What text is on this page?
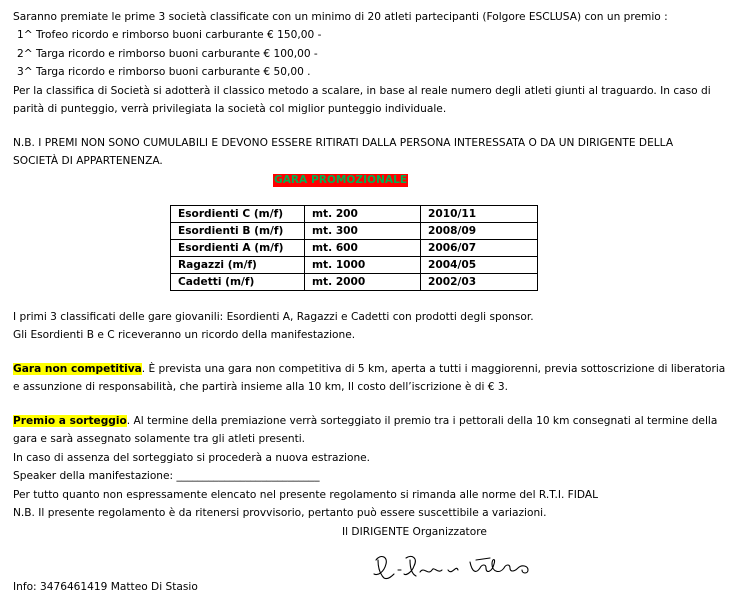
Saranno premiate le prime 3 società classificate con un minimo di 20 atleti partecipanti (Folgore ESCLUSA) con un premio :
1^ Trofeo ricordo e rimborso buoni carburante € 150,00 -
2^ Targa ricordo e rimborso buoni carburante € 100,00 -
3^ Targa ricordo e rimborso buoni carburante € 50,00 .
Per la classifica di Società si adotterà il classico metodo a scalare, in base al reale numero degli atleti giunti al traguardo. In caso di
parità di punteggio, verrà privilegiata la società col miglior punteggio individuale.
N.B. I PREMI NON SONO CUMULABILI E DEVONO ESSERE RITIRATI DALLA PERSONA INTERESSATA O DA UN DIRIGENTE DELLA
SOCIETÀ DI APPARTENENZA.
GARA PROMOZIONALE
Esordienti C (m/f)	mt. 200	2010/11
Esordienti B (m/f)	mt. 300	2008/09
Esordienti A (m/f)	mt. 600	2006/07
Ragazzi (m/f)	mt. 1000	2004/05
Cadetti (m/f)	mt. 2000	2002/03
I primi 3 classificati delle gare giovanili: Esordienti A, Ragazzi e Cadetti con prodotti degli sponsor.
Gli Esordienti B e C riceveranno un ricordo della manifestazione.
Gara non competitiva. È prevista una gara non competitiva di 5 km, aperta a tutti i maggiorenni, previa sottoscrizione di liberatoria
e assunzione di responsabilità, che partirà insieme alla 10 km, Il costo dell’iscrizione è di € 3.
Premio a sorteggio. Al termine della premiazione verrà sorteggiato il premio tra i pettorali della 10 km consegnati al termine della
gara e sarà assegnato solamente tra gli atleti presenti.
In caso di assenza del sorteggiato si procederà a nuova estrazione.
Speaker della manifestazione: ___________________________
Per tutto quanto non espressamente elencato nel presente regolamento si rimanda alle norme del R.T.I. FIDAL
N.B. Il presente regolamento è da ritenersi provvisorio, pertanto può essere suscettibile a variazioni.
Il DIRIGENTE Organizzatore
Info: 3476461419 Matteo Di Stasio
